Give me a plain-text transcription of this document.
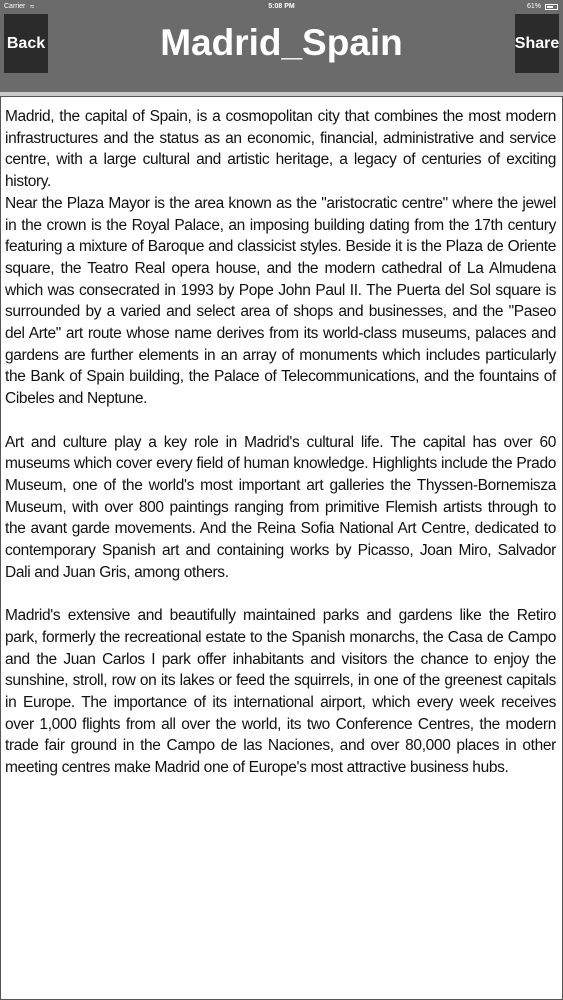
Carrier ≈	5:08 PM	61%
Back	Madrid_Spain	Share

Madrid, the capital of Spain, is a cosmopolitan city that combines the most modern infrastructures and the status as an economic, financial, administrative and service centre, with a large cultural and artistic heritage, a legacy of centuries of exciting history.

Near the Plaza Mayor is the area known as the "aristocratic centre" where the jewel in the crown is the Royal Palace, an imposing building dating from the 17th century featuring a mixture of Baroque and classicist styles. Beside it is the Plaza de Oriente square, the Teatro Real opera house, and the modern cathedral of La Almudena which was consecrated in 1993 by Pope John Paul II. The Puerta del Sol square is surrounded by a varied and select area of shops and businesses, and the "Paseo del Arte" art route whose name derives from its world-class museums, palaces and gardens are further elements in an array of monuments which includes particularly the Bank of Spain building, the Palace of Telecommunications, and the fountains of Cibeles and Neptune.

Art and culture play a key role in Madrid's cultural life. The capital has over 60 museums which cover every field of human knowledge. Highlights include the Prado Museum, one of the world's most important art galleries the Thyssen-Bornemisza Museum, with over 800 paintings ranging from primitive Flemish artists through to the avant garde movements. And the Reina Sofia National Art Centre, dedicated to contemporary Spanish art and containing works by Picasso, Joan Miro, Salvador Dali and Juan Gris, among others.

Madrid's extensive and beautifully maintained parks and gardens like the Retiro park, formerly the recreational estate to the Spanish monarchs, the Casa de Campo and the Juan Carlos I park offer inhabitants and visitors the chance to enjoy the sunshine, stroll, row on its lakes or feed the squirrels, in one of the greenest capitals in Europe. The importance of its international airport, which every week receives over 1,000 flights from all over the world, its two Conference Centres, the modern trade fair ground in the Campo de las Naciones, and over 80,000 places in other meeting centres make Madrid one of Europe's most attractive business hubs.
